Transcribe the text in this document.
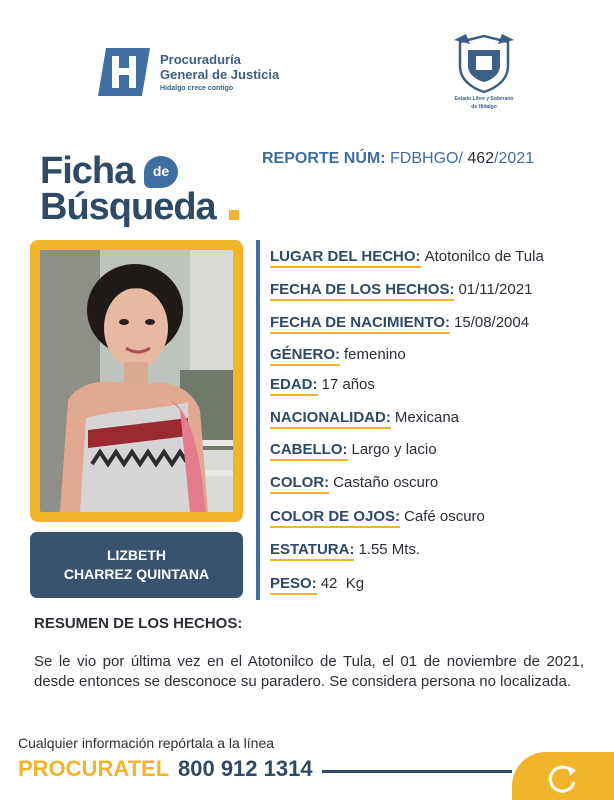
Procuraduría
General de Justicia
Hidalgo crece contigo
Estado Libre y Soberano
de Hidalgo
Ficha	de
Búsqueda
REPORTE NÚM: FDBHGO/ 462/2021
LIZBETH
CHARREZ QUINTANA
LUGAR DEL HECHO: Atotonilco de Tula
FECHA DE LOS HECHOS: 01/11/2021
FECHA DE NACIMIENTO: 15/08/2004
GÉNERO: femenino
EDAD: 17 años
NACIONALIDAD: Mexicana
CABELLO: Largo y lacio
COLOR: Castaño oscuro
COLOR DE OJOS: Café oscuro
ESTATURA: 1.55 Mts.
PESO: 42  Kg
RESUMEN DE LOS HECHOS:
Se le vio por última vez en el Atotonilco de Tula, el 01 de noviembre de 2021, desde entonces se desconoce su paradero. Se considera persona no localizada.
Cualquier información repórtala a la línea
PROCURATEL 800 912 1314
